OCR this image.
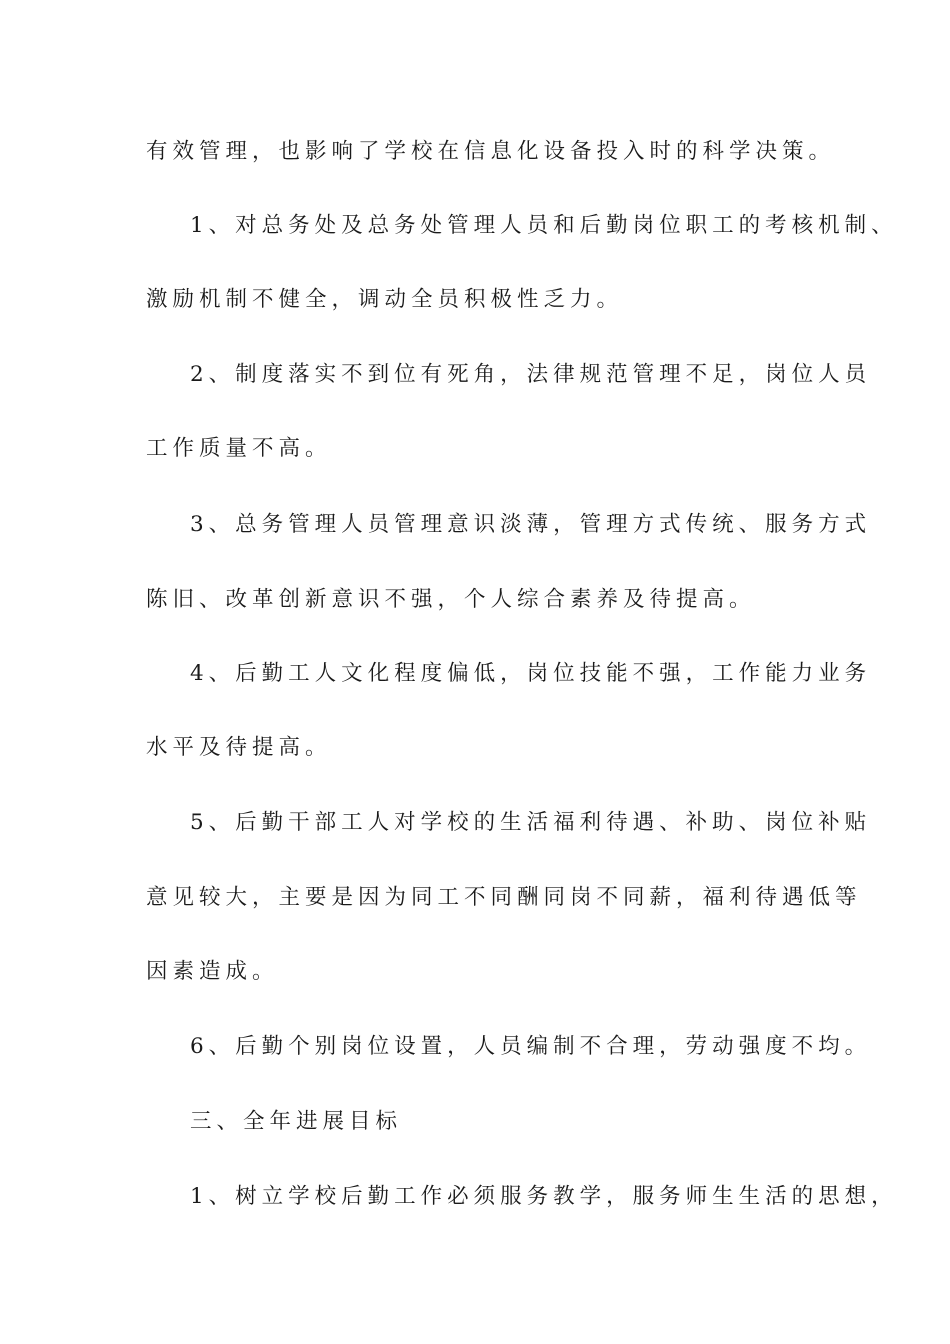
有效管理，也影响了学校在信息化设备投入时的科学决策。
1、对总务处及总务处管理人员和后勤岗位职工的考核机制、
激励机制不健全，调动全员积极性乏力。
2、制度落实不到位有死角，法律规范管理不足，岗位人员
工作质量不高。
3、总务管理人员管理意识淡薄，管理方式传统、服务方式
陈旧、改革创新意识不强，个人综合素养及待提高。
4、后勤工人文化程度偏低，岗位技能不强，工作能力业务
水平及待提高。
5、后勤干部工人对学校的生活福利待遇、补助、岗位补贴
意见较大，主要是因为同工不同酬同岗不同薪，福利待遇低等
因素造成。
6、后勤个别岗位设置，人员编制不合理，劳动强度不均。
三、全年进展目标
1、树立学校后勤工作必须服务教学，服务师生生活的思想，
